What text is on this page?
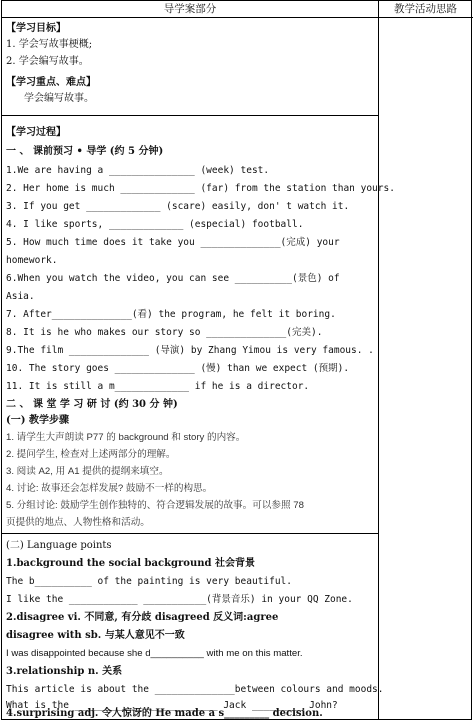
导学案部分	教学活动思路
【学习目标】
1. 学会写故事梗概;
2. 学会编写故事。
【学习重点、难点】
学会编写故事。
【学习过程】
一 、 课前预习 • 导学 (约 5 分钟)
1.We are having a _______________ (week) test.
2. Her home is much _____________ (far) from the station than yours.
3. If you get _____________ (scare) easily, don' t watch it.
4. I like sports, _____________ (especial) football.
5. How much time does it take you ______________(完成) your
homework.
6.When you watch the video, you can see __________(景色) of
Asia.
7. After______________(看) the program, he felt it boring.
8. It is he who makes our story so ______________(完美).
9.The film ______________ (导演) by Zhang Yimou is very famous. .
10. The story goes ______________ (慢) than we expect (预期).
11. It is still a m_____________ if he is a director.
二 、 课 堂 学 习 研 讨 (约 30 分 钟)
(一) 教学步骤
1. 请学生大声朗读 P77 的 background 和 story 的内容。
2. 提问学生, 检查对上述两部分的理解。
3. 阅读 A2, 用 A1 提供的提纲来填空。
4. 讨论: 故事还会怎样发展? 鼓励不一样的构思。
5. 分组讨论: 鼓励学生创作独特的、符合逻辑发展的故事。可以参照 78
页提供的地点、人物性格和活动。
(二) Language points
1.background the social background 社会背景
The b__________ of the painting is very beautiful.
I like the ____________ ___________(背景音乐) in your QQ Zone.
2.disagree vi. 不同意, 有分歧 disagreed 反义词:agree
disagree with sb. 与某人意见不一致
I was disappointed because she d__________ with me on this matter.
3.relationship n. 关系
This article is about the ______________between colours and moods.
What is the ____________ ____________ Jack _________ John?
4.surprising adj. 令人惊讶的 He made a s_________ decision.
